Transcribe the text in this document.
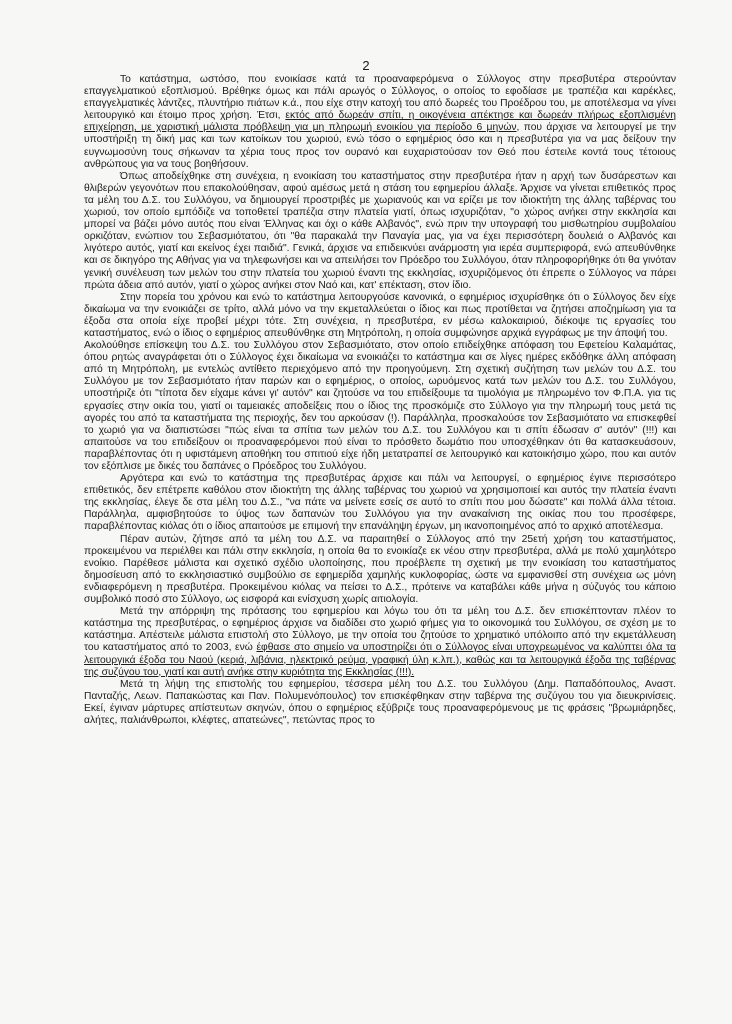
2

Το κατάστημα, ωστόσο, που ενοικίασε κατά τα προαναφερόμενα ο Σύλλογος στην πρεσβυτέρα στερούνταν επαγγελματικού εξοπλισμού. Βρέθηκε όμως και πάλι αρωγός ο Σύλλογος, ο οποίος το εφοδίασε με τραπέζια και καρέκλες, επαγγελματικές λάντζες, πλυντήριο πιάτων κ.ά., που είχε στην κατοχή του από δωρεές του Προέδρου του, με αποτέλεσμα να γίνει λειτουργικό και έτοιμο προς χρήση. Έτσι, εκτός από δωρεάν σπίτι, η οικογένεια απέκτησε και δωρεάν πλήρως εξοπλισμένη επιχείρηση, με χαριστική μάλιστα πρόβλεψη για μη πληρωμή ενοικίου για περίοδο 6 μηνών, που άρχισε να λειτουργεί με την υποστήριξη τη δική μας και των κατοίκων του χωριού, ενώ τόσο ο εφημέριος όσο και η πρεσβυτέρα για να μας δείξουν την ευγνωμοσύνη τους σήκωναν τα χέρια τους προς τον ουρανό και ευχαριστούσαν τον Θεό που έστειλε κοντά τους τέτοιους ανθρώπους για να τους βοηθήσουν.

Όπως αποδείχθηκε στη συνέχεια, η ενοικίαση του καταστήματος στην πρεσβυτέρα ήταν η αρχή των δυσάρεστων και θλιβερών γεγονότων που επακολούθησαν, αφού αμέσως μετά η στάση του εφημερίου άλλαξε. Άρχισε να γίνεται επιθετικός προς τα μέλη του Δ.Σ. του Συλλόγου, να δημιουργεί προστριβές με χωριανούς και να ερίζει με τον ιδιοκτήτη της άλλης ταβέρνας του χωριού, τον οποίο εμπόδιζε να τοποθετεί τραπέζια στην πλατεία γιατί, όπως ισχυριζόταν, "ο χώρος ανήκει στην εκκλησία και μπορεί να βάζει μόνο αυτός που είναι Έλληνας και όχι ο κάθε Αλβανός", ενώ πριν την υπογραφή του μισθωτηρίου συμβολαίου ορκιζόταν, ενώπιον του Σεβασμιότατου, ότι "θα παρακαλά την Παναγία μας, για να έχει περισσότερη δουλειά ο Αλβανός και λιγότερο αυτός, γιατί και εκείνος έχει παιδιά". Γενικά, άρχισε να επιδεικνύει ανάρμοστη για ιερέα συμπεριφορά, ενώ απευθύνθηκε και σε δικηγόρο της Αθήνας για να τηλεφωνήσει και να απειλήσει τον Πρόεδρο του Συλλόγου, όταν πληροφορήθηκε ότι θα γινόταν γενική συνέλευση των μελών του στην πλατεία του χωριού έναντι της εκκλησίας, ισχυριζόμενος ότι έπρεπε ο Σύλλογος να πάρει πρώτα άδεια από αυτόν, γιατί ο χώρος ανήκει στον Ναό και, κατ' επέκταση, στον ίδιο.

Στην πορεία του χρόνου και ενώ το κατάστημα λειτουργούσε κανονικά, ο εφημέριος ισχυρίσθηκε ότι ο Σύλλογος δεν είχε δικαίωμα να την ενοικιάζει σε τρίτο, αλλά μόνο να την εκμεταλλεύεται ο ίδιος και πως προτίθεται να ζητήσει αποζημίωση για τα έξοδα στα οποία είχε προβεί μέχρι τότε. Στη συνέχεια, η πρεσβυτέρα, εν μέσω καλοκαιριού, διέκοψε τις εργασίες του καταστήματος, ενώ ο ίδιος ο εφημέριος απευθύνθηκε στη Μητρόπολη, η οποία συμφώνησε αρχικά εγγράφως με την άποψή του.

Ακολούθησε επίσκεψη του Δ.Σ. του Συλλόγου στον Σεβασμιότατο, στον οποίο επιδείχθηκε απόφαση του Εφετείου Καλαμάτας, όπου ρητώς αναγράφεται ότι ο Σύλλογος έχει δικαίωμα να ενοικιάζει το κατάστημα και σε λίγες ημέρες εκδόθηκε άλλη απόφαση από τη Μητρόπολη, με εντελώς αντίθετο περιεχόμενο από την προηγούμενη. Στη σχετική συζήτηση των μελών του Δ.Σ. του Συλλόγου με τον Σεβασμιότατο ήταν παρών και ο εφημέριος, ο οποίος, ωρυόμενος κατά των μελών του Δ.Σ. του Συλλόγου, υποστήριζε ότι "τίποτα δεν είχαμε κάνει γι' αυτόν" και ζητούσε να του επιδείξουμε τα τιμολόγια με πληρωμένο τον Φ.Π.Α. για τις εργασίες στην οικία του, γιατί οι ταμειακές αποδείξεις που ο ίδιος της προσκόμιζε στο Σύλλογο για την πληρωμή τους μετά τις αγορές του από τα καταστήματα της περιοχής, δεν του αρκούσαν (!). Παράλληλα, προσκαλούσε τον Σεβασμιότατο να επισκεφθεί το χωριό για να διαπιστώσει "πώς είναι τα σπίτια των μελών του Δ.Σ. του Συλλόγου και τι σπίτι έδωσαν σ' αυτόν" (!!!) και απαιτούσε να του επιδείξουν οι προαναφερόμενοι πού είναι το πρόσθετο δωμάτιο που υποσχέθηκαν ότι θα κατασκευάσουν, παραβλέποντας ότι η υφιστάμενη αποθήκη του σπιτιού είχε ήδη μετατραπεί σε λειτουργικό και κατοικήσιμο χώρο, που και αυτόν τον εξόπλισε με δικές του δαπάνες ο Πρόεδρος του Συλλόγου.

Αργότερα και ενώ το κατάστημα της πρεσβυτέρας άρχισε και πάλι να λειτουργεί, ο εφημέριος έγινε περισσότερο επιθετικός, δεν επέτρεπε καθόλου στον ιδιοκτήτη της άλλης ταβέρνας του χωριού να χρησιμοποιεί και αυτός την πλατεία έναντι της εκκλησίας, έλεγε δε στα μέλη του Δ.Σ., "να πάτε να μείνετε εσείς σε αυτό το σπίτι που μου δώσατε" και πολλά άλλα τέτοια. Παράλληλα, αμφισβητούσε το ύψος των δαπανών του Συλλόγου για την ανακαίνιση της οικίας που του προσέφερε, παραβλέποντας κιόλας ότι ο ίδιος απαιτούσε με επιμονή την επανάληψη έργων, μη ικανοποιημένος από το αρχικό αποτέλεσμα.

Πέραν αυτών, ζήτησε από τα μέλη του Δ.Σ. να παραιτηθεί ο Σύλλογος από την 25ετή χρήση του καταστήματος, προκειμένου να περιέλθει και πάλι στην εκκλησία, η οποία θα το ενοικίαζε εκ νέου στην πρεσβυτέρα, αλλά με πολύ χαμηλότερο ενοίκιο. Παρέθεσε μάλιστα και σχετικό σχέδιο υλοποίησης, που προέβλεπε τη σχετική με την ενοικίαση του καταστήματος δημοσίευση από το εκκλησιαστικό συμβούλιο σε εφημερίδα χαμηλής κυκλοφορίας, ώστε να εμφανισθεί στη συνέχεια ως μόνη ενδιαφερόμενη η πρεσβυτέρα. Προκειμένου κιόλας να πείσει το Δ.Σ., πρότεινε να καταβάλει κάθε μήνα η σύζυγός του κάποιο συμβολικό ποσό στο Σύλλογο, ως εισφορά και ενίσχυση χωρίς αιτιολογία.

Μετά την απόρριψη της πρότασης του εφημερίου και λόγω του ότι τα μέλη του Δ.Σ. δεν επισκέπτονταν πλέον το κατάστημα της πρεσβυτέρας, ο εφημέριος άρχισε να διαδίδει στο χωριό φήμες για το οικονομικά του Συλλόγου, σε σχέση με το κατάστημα. Απέστειλε μάλιστα επιστολή στο Σύλλογο, με την οποία του ζητούσε το χρηματικό υπόλοιπο από την εκμετάλλευση του καταστήματος από το 2003, ενώ έφθασε στο σημείο να υποστηρίζει ότι ο Σύλλογος είναι υποχρεωμένος να καλύπτει όλα τα λειτουργικά έξοδα του Ναού (κεριά, λιβάνια, ηλεκτρικό ρεύμα, γραφική ύλη κ.λπ.), καθώς και τα λειτουργικά έξοδα της ταβέρνας της συζύγου του, γιατί και αυτή ανήκε στην κυριότητα της Εκκλησίας (!!!).

Μετά τη λήψη της επιστολής του εφημερίου, τέσσερα μέλη του Δ.Σ. του Συλλόγου (Δημ. Παπαδόπουλος, Αναστ. Πανταζής, Λεων. Παπακώστας και Παν. Πολυμενόπουλος) τον επισκέφθηκαν στην ταβέρνα της συζύγου του για διευκρινίσεις. Εκεί, έγιναν μάρτυρες απίστευτων σκηνών, όπου ο εφημέριος εξύβριζε τους προαναφερόμενους με τις φράσεις "βρωμιάρηδες, αλήτες, παλιάνθρωποι, κλέφτες, απατεώνες", πετώντας προς το
